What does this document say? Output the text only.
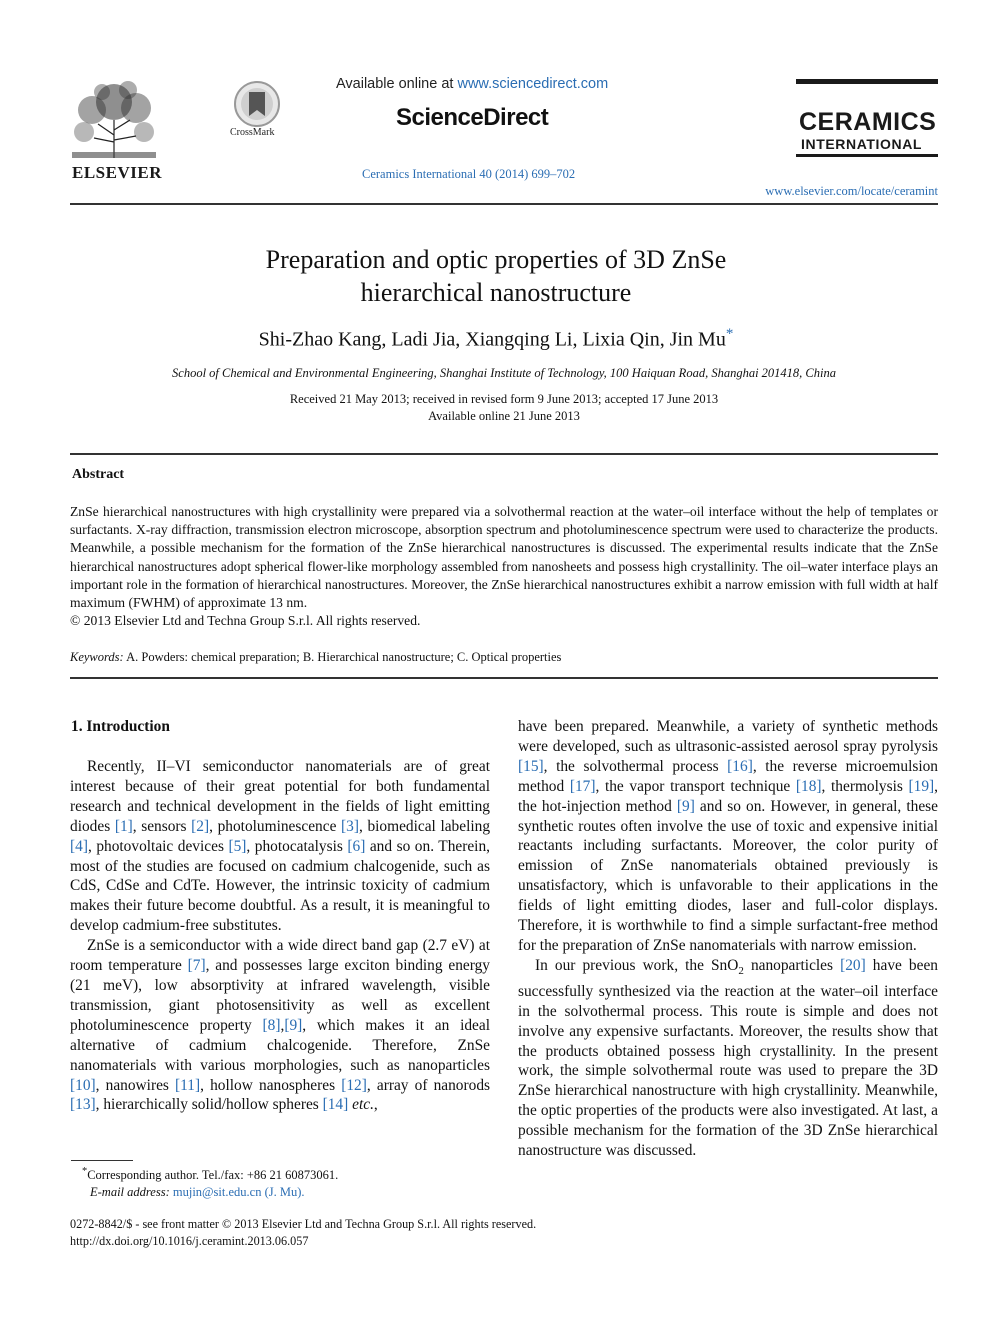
ELSEVIER
CrossMark
Available online at www.sciencedirect.com
ScienceDirect
Ceramics International 40 (2014) 699–702
CERAMICS
INTERNATIONAL
www.elsevier.com/locate/ceramint
Preparation and optic properties of 3D ZnSe
hierarchical nanostructure
Shi-Zhao Kang, Ladi Jia, Xiangqing Li, Lixia Qin, Jin Mu*
School of Chemical and Environmental Engineering, Shanghai Institute of Technology, 100 Haiquan Road, Shanghai 201418, China
Received 21 May 2013; received in revised form 9 June 2013; accepted 17 June 2013
Available online 21 June 2013
Abstract
ZnSe hierarchical nanostructures with high crystallinity were prepared via a solvothermal reaction at the water–oil interface without the help of templates or surfactants. X-ray diffraction, transmission electron microscope, absorption spectrum and photoluminescence spectrum were used to characterize the products. Meanwhile, a possible mechanism for the formation of the ZnSe hierarchical nanostructures is discussed. The experimental results indicate that the ZnSe hierarchical nanostructures adopt spherical flower-like morphology assembled from nanosheets and possess high crystallinity. The oil–water interface plays an important role in the formation of hierarchical nanostructures. Moreover, the ZnSe hierarchical nanostructures exhibit a narrow emission with full width at half maximum (FWHM) of approximate 13 nm.
© 2013 Elsevier Ltd and Techna Group S.r.l. All rights reserved.
Keywords: A. Powders: chemical preparation; B. Hierarchical nanostructure; C. Optical properties
1. Introduction

Recently, II–VI semiconductor nanomaterials are of great interest because of their great potential for both fundamental research and technical development in the fields of light emitting diodes [1], sensors [2], photoluminescence [3], biomedical labeling [4], photovoltaic devices [5], photocatalysis [6] and so on. Therein, most of the studies are focused on cadmium chalcogenide, such as CdS, CdSe and CdTe. However, the intrinsic toxicity of cadmium makes their future become doubtful. As a result, it is meaningful to develop cadmium-free substitutes.

ZnSe is a semiconductor with a wide direct band gap (2.7 eV) at room temperature [7], and possesses large exciton binding energy (21 meV), low absorptivity at infrared wavelength, visible transmission, giant photosensitivity as well as excellent photoluminescence property [8],[9], which makes it an ideal alternative of cadmium chalcogenide. Therefore, ZnSe nanomaterials with various morphologies, such as nanoparticles [10], nanowires [11], hollow nanospheres [12], array of nanorods [13], hierarchically solid/hollow spheres [14] etc.,

have been prepared. Meanwhile, a variety of synthetic methods were developed, such as ultrasonic-assisted aerosol spray pyrolysis [15], the solvothermal process [16], the reverse microemulsion method [17], the vapor transport technique [18], thermolysis [19], the hot-injection method [9] and so on. However, in general, these synthetic routes often involve the use of toxic and expensive initial reactants including surfactants. Moreover, the color purity of emission of ZnSe nanomaterials obtained previously is unsatisfactory, which is unfavorable to their applications in the fields of light emitting diodes, laser and full-color displays. Therefore, it is worthwhile to find a simple surfactant-free method for the preparation of ZnSe nanomaterials with narrow emission.

In our previous work, the SnO$_2$ nanoparticles [20] have been successfully synthesized via the reaction at the water–oil interface in the solvothermal process. This route is simple and does not involve any expensive surfactants. Moreover, the results show that the products obtained possess high crystallinity. In the present work, the simple solvothermal route was used to prepare the 3D ZnSe hierarchical nanostructure with high crystallinity. Meanwhile, the optic properties of the products were also investigated. At last, a possible mechanism for the formation of the 3D ZnSe hierarchical nanostructure was discussed.

*Corresponding author. Tel./fax: +86 21 60873061.
E-mail address: mujin@sit.edu.cn (J. Mu).
0272-8842/$ - see front matter © 2013 Elsevier Ltd and Techna Group S.r.l. All rights reserved.
http://dx.doi.org/10.1016/j.ceramint.2013.06.057
